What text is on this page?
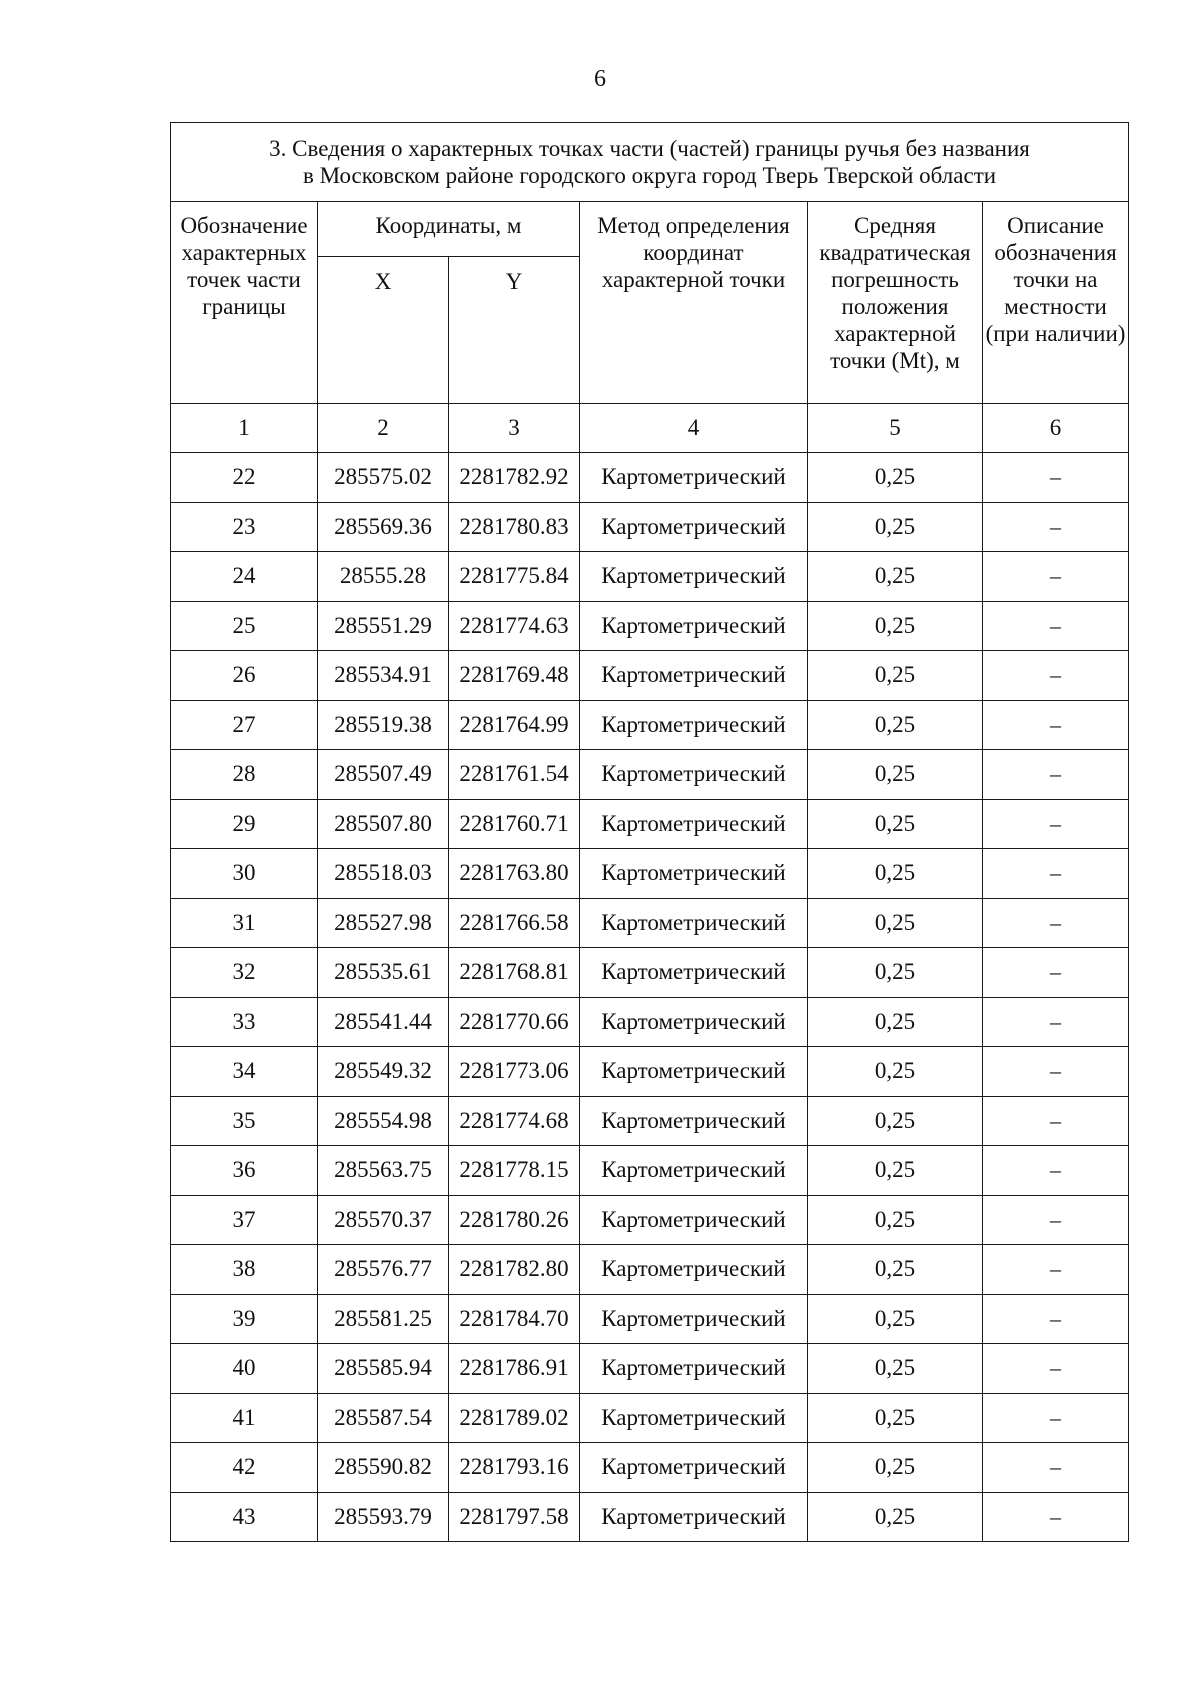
6
3. Сведения о характерных точках части (частей) границы ручья без названия
в Московском районе городского округа город Тверь Тверской области					

Обозначение характерных точек части границы	Координаты, м		Метод определения координат характерной точки	Средняя квадратическая погрешность положения характерной точки (Mt), м	Описание обозначения точки на местности (при наличии)
	X	Y			
1	2	3	4	5	6
22	285575.02	2281782.92	Картометрический	0,25	–
23	285569.36	2281780.83	Картометрический	0,25	–
24	28555.28	2281775.84	Картометрический	0,25	–
25	285551.29	2281774.63	Картометрический	0,25	–
26	285534.91	2281769.48	Картометрический	0,25	–
27	285519.38	2281764.99	Картометрический	0,25	–
28	285507.49	2281761.54	Картометрический	0,25	–
29	285507.80	2281760.71	Картометрический	0,25	–
30	285518.03	2281763.80	Картометрический	0,25	–
31	285527.98	2281766.58	Картометрический	0,25	–
32	285535.61	2281768.81	Картометрический	0,25	–
33	285541.44	2281770.66	Картометрический	0,25	–
34	285549.32	2281773.06	Картометрический	0,25	–
35	285554.98	2281774.68	Картометрический	0,25	–
36	285563.75	2281778.15	Картометрический	0,25	–
37	285570.37	2281780.26	Картометрический	0,25	–
38	285576.77	2281782.80	Картометрический	0,25	–
39	285581.25	2281784.70	Картометрический	0,25	–
40	285585.94	2281786.91	Картометрический	0,25	–
41	285587.54	2281789.02	Картометрический	0,25	–
42	285590.82	2281793.16	Картометрический	0,25	–
43	285593.79	2281797.58	Картометрический	0,25	–
